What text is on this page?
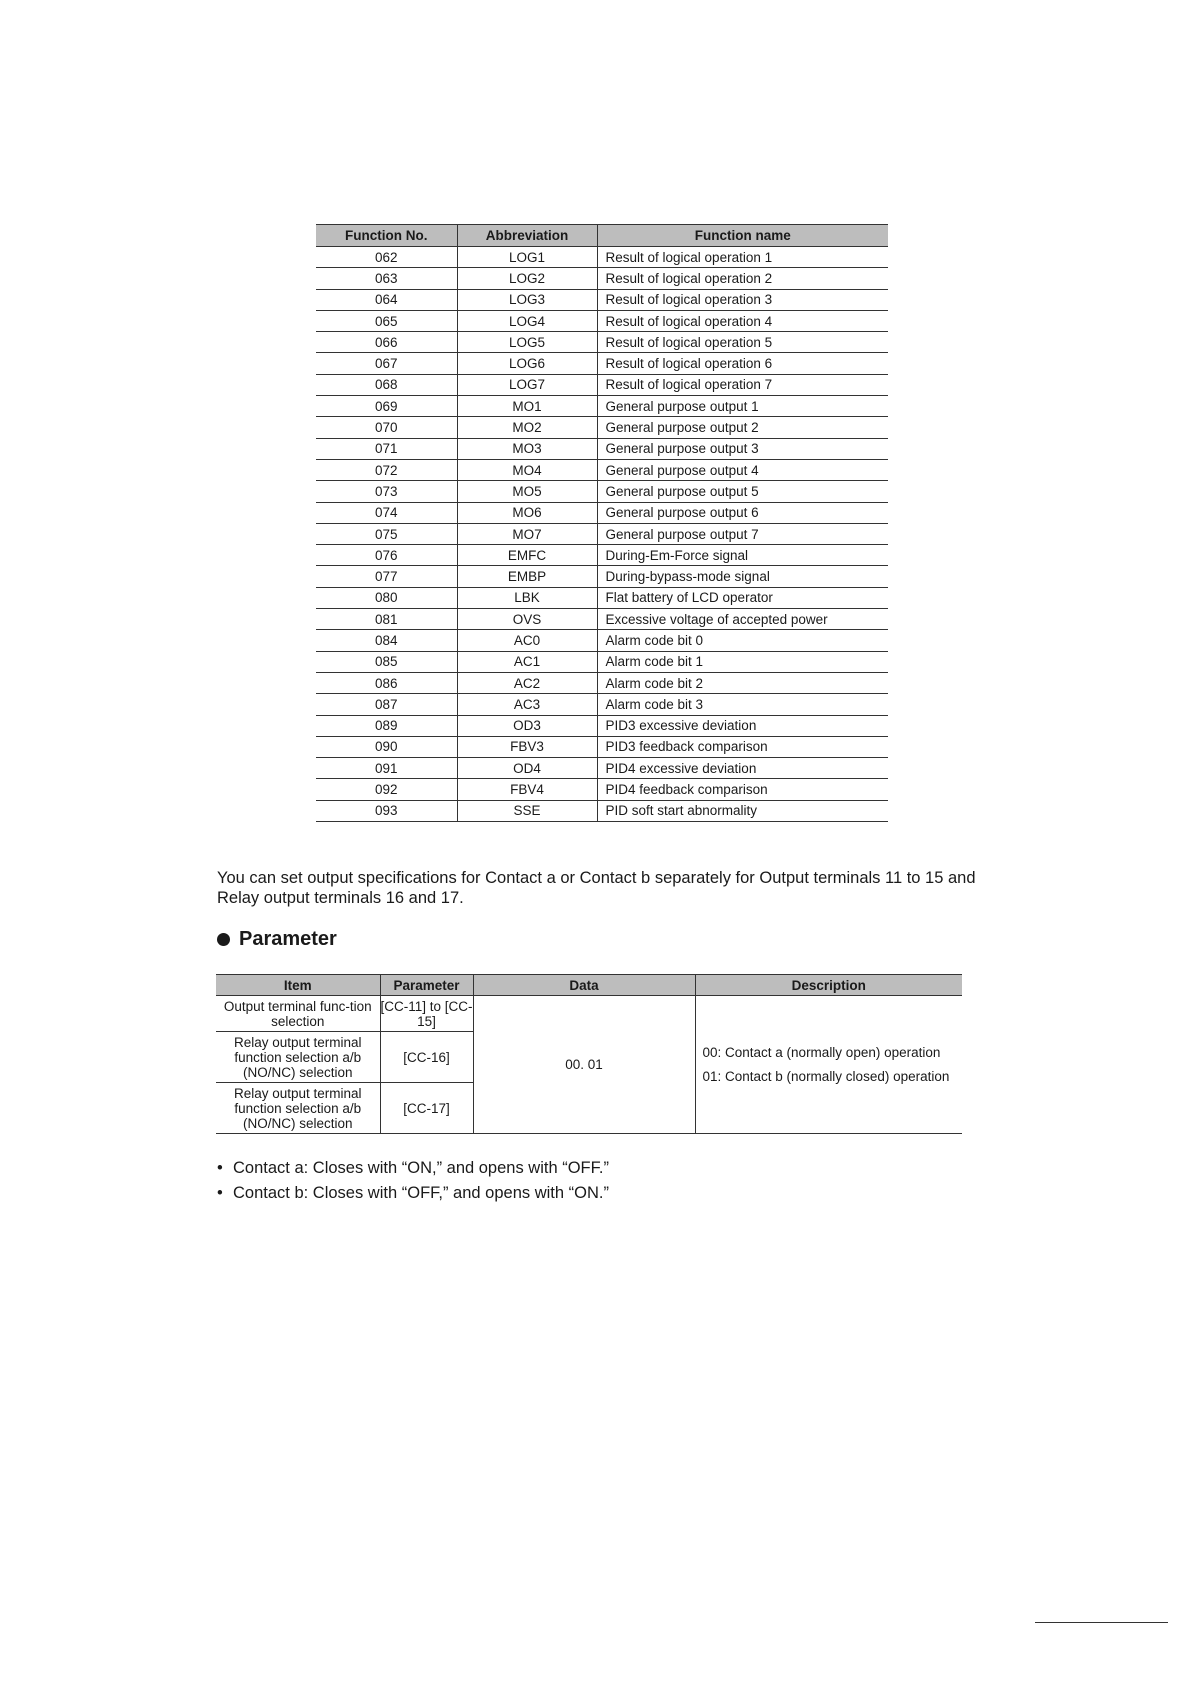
Function No.	Abbreviation	Function name
062	LOG1	Result of logical operation 1
063	LOG2	Result of logical operation 2
064	LOG3	Result of logical operation 3
065	LOG4	Result of logical operation 4
066	LOG5	Result of logical operation 5
067	LOG6	Result of logical operation 6
068	LOG7	Result of logical operation 7
069	MO1	General purpose output 1
070	MO2	General purpose output 2
071	MO3	General purpose output 3
072	MO4	General purpose output 4
073	MO5	General purpose output 5
074	MO6	General purpose output 6
075	MO7	General purpose output 7
076	EMFC	During-Em-Force signal
077	EMBP	During-bypass-mode signal
080	LBK	Flat battery of LCD operator
081	OVS	Excessive voltage of accepted power
084	AC0	Alarm code bit 0
085	AC1	Alarm code bit 1
086	AC2	Alarm code bit 2
087	AC3	Alarm code bit 3
089	OD3	PID3 excessive deviation
090	FBV3	PID3 feedback comparison
091	OD4	PID4 excessive deviation
092	FBV4	PID4 feedback comparison
093	SSE	PID soft start abnormality

You can set output specifications for Contact a or Contact b separately for Output terminals 11 to 15 and Relay output terminals 16 and 17.

Parameter
Item	Parameter	Data	Description
Output terminal func-tion selection	[CC-11] to [CC-15]	00. 01	00: Contact a (normally open) operation
01: Contact b (normally closed) operation

Relay output terminal function selection a/b (NO/NC) selection	[CC-16]		
Relay output terminal function selection a/b (NO/NC) selection	[CC-17]		
• Contact a: Closes with “ON,” and opens with “OFF.”
• Contact b: Closes with “OFF,” and opens with “ON.”
